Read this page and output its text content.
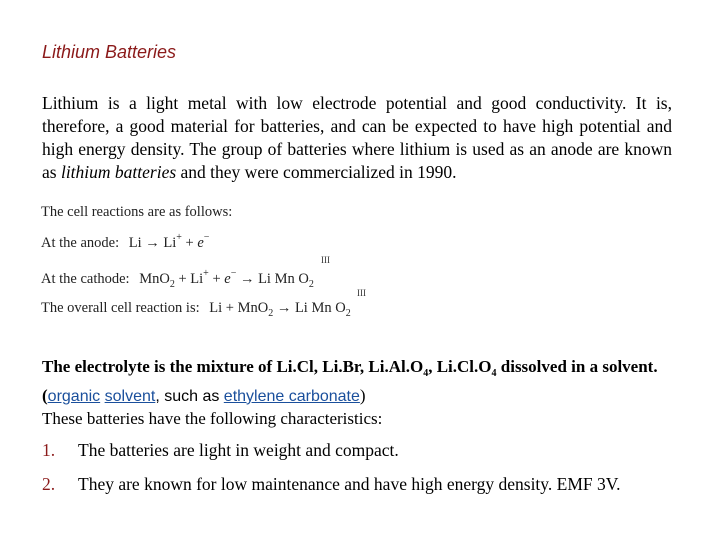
Lithium Batteries
Lithium is a light metal with low electrode potential and good conductivity. It is, therefore, a good material for batteries, and can be expected to have high potential and high energy density. The group of batteries where lithium is used as an anode are known as lithium batteries and they were commercialized in 1990.
The cell reactions are as follows:
At the anode: Li → Li+ + e−
At the cathode: MnO$_2$ + Li+ + e− → Li Mn $O_2$
The overall cell reaction is: Li + MnO$_2$ → Li Mn $O_2$
III
III
The electrolyte is the mixture of Li.Cl, Li.Br, $Li.Al.O_4$, $Li.Cl.O_4$ dissolved in a solvent. (organic solvent, such as ethylene carbonate)
These batteries have the following characteristics:
1. The batteries are light in weight and compact.
2. They are known for low maintenance and have high energy density. EMF 3V.
